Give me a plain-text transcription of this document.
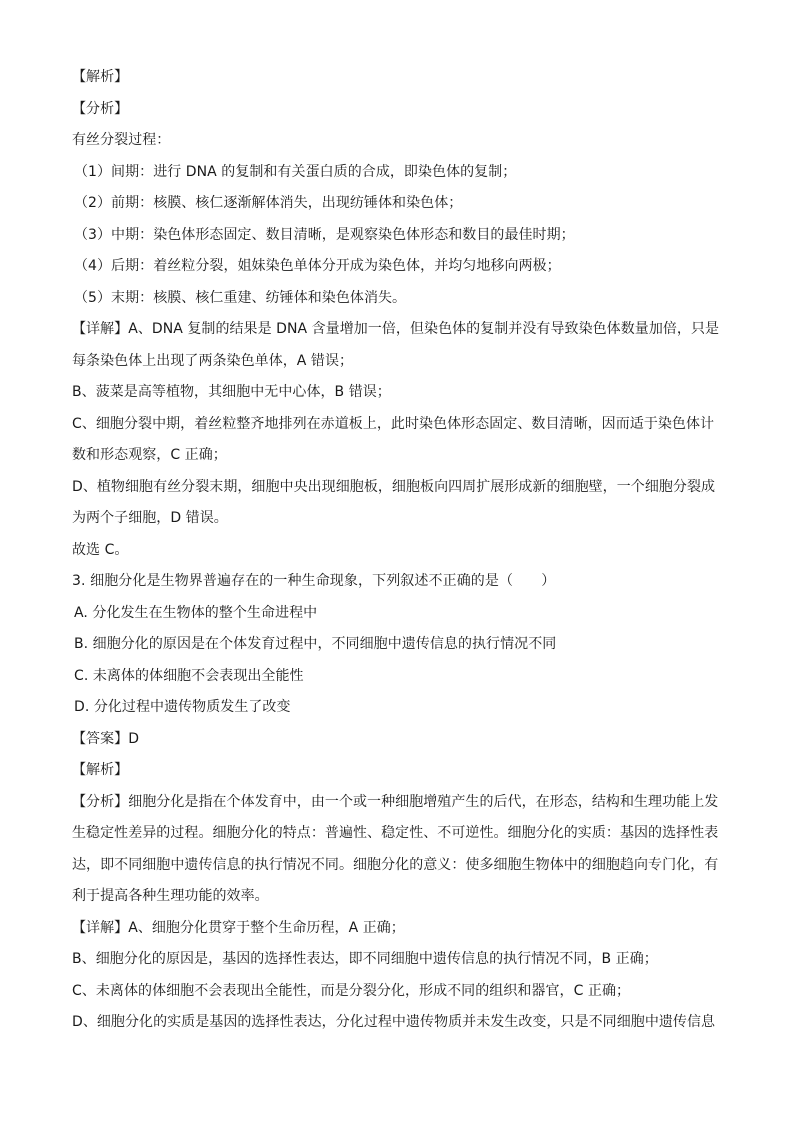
【解析】
【分析】
有丝分裂过程：
（1）间期：进行 DNA 的复制和有关蛋白质的合成，即染色体的复制；
（2）前期：核膜、核仁逐渐解体消失，出现纺锤体和染色体；
（3）中期：染色体形态固定、数目清晰，是观察染色体形态和数目的最佳时期；
（4）后期：着丝粒分裂，姐妹染色单体分开成为染色体，并均匀地移向两极；
（5）末期：核膜、核仁重建、纺锤体和染色体消失。
【详解】A、DNA 复制的结果是 DNA 含量增加一倍，但染色体的复制并没有导致染色体数量加倍，只是
每条染色体上出现了两条染色单体，A 错误；
B、菠菜是高等植物，其细胞中无中心体，B 错误；
C、细胞分裂中期，着丝粒整齐地排列在赤道板上，此时染色体形态固定、数目清晰，因而适于染色体计
数和形态观察，C 正确；
D、植物细胞有丝分裂末期，细胞中央出现细胞板，细胞板向四周扩展形成新的细胞壁，一个细胞分裂成
为两个子细胞，D 错误。
故选 C。
3. 细胞分化是生物界普遍存在的一种生命现象，下列叙述不正确的是（　　）
A. 分化发生在生物体的整个生命进程中
B. 细胞分化的原因是在个体发育过程中，不同细胞中遗传信息的执行情况不同
C. 未离体的体细胞不会表现出全能性
D. 分化过程中遗传物质发生了改变
【答案】D
【解析】
【分析】细胞分化是指在个体发育中，由一个或一种细胞增殖产生的后代，在形态，结构和生理功能上发
生稳定性差异的过程。细胞分化的特点：普遍性、稳定性、不可逆性。细胞分化的实质：基因的选择性表
达，即不同细胞中遗传信息的执行情况不同。细胞分化的意义：使多细胞生物体中的细胞趋向专门化，有
利于提高各种生理功能的效率。
【详解】A、细胞分化贯穿于整个生命历程，A 正确；
B、细胞分化的原因是，基因的选择性表达，即不同细胞中遗传信息的执行情况不同，B 正确；
C、未离体的体细胞不会表现出全能性，而是分裂分化，形成不同的组织和器官，C 正确；
D、细胞分化的实质是基因的选择性表达，分化过程中遗传物质并未发生改变，只是不同细胞中遗传信息
